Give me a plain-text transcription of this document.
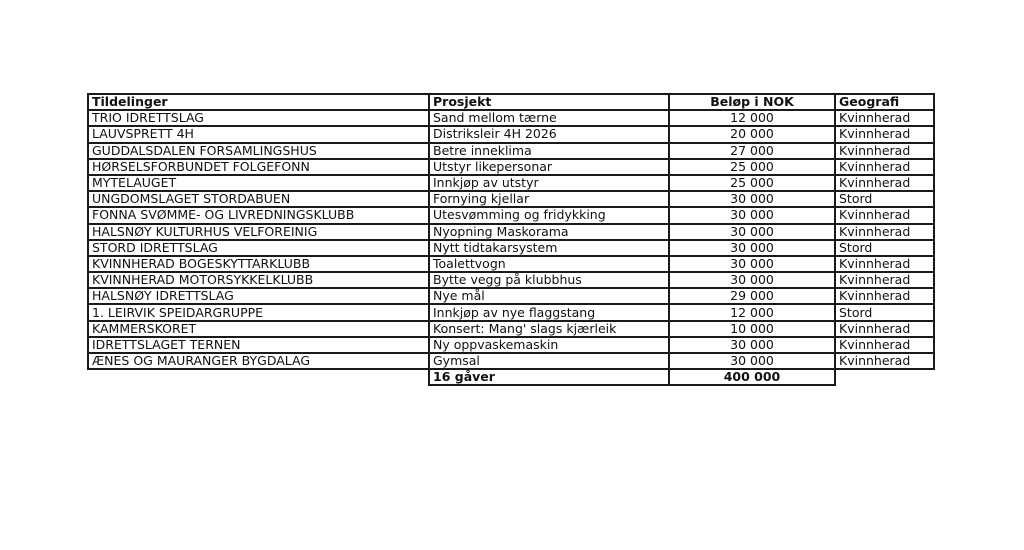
Tildelinger	Prosjekt	Beløp i NOK	Geografi
TRIO IDRETTSLAG	Sand mellom tærne	12 000	Kvinnherad
LAUVSPRETT 4H	Distriksleir 4H 2026	20 000	Kvinnherad
GUDDALSDALEN FORSAMLINGSHUS	Betre inneklima	27 000	Kvinnherad
HØRSELSFORBUNDET FOLGEFONN	Utstyr likepersonar	25 000	Kvinnherad
MYTELAUGET	Innkjøp av utstyr	25 000	Kvinnherad
UNGDOMSLAGET STORDABUEN	Fornying kjellar	30 000	Stord
FONNA SVØMME- OG LIVREDNINGSKLUBB	Utesvømming og fridykking	30 000	Kvinnherad
HALSNØY KULTURHUS VELFOREINIG	Nyopning Maskorama	30 000	Kvinnherad
STORD IDRETTSLAG	Nytt tidtakarsystem	30 000	Stord
KVINNHERAD BOGESKYTTARKLUBB	Toalettvogn	30 000	Kvinnherad
KVINNHERAD MOTORSYKKELKLUBB	Bytte vegg på klubbhus	30 000	Kvinnherad
HALSNØY IDRETTSLAG	Nye mål	29 000	Kvinnherad
1. LEIRVIK SPEIDARGRUPPE	Innkjøp av nye flaggstang	12 000	Stord
KAMMERSKORET	Konsert: Mang' slags kjærleik	10 000	Kvinnherad
IDRETTSLAGET TERNEN	Ny oppvaskemaskin	30 000	Kvinnherad
ÆNES OG MAURANGER BYGDALAG	Gymsal	30 000	Kvinnherad
	16 gåver	400 000	
